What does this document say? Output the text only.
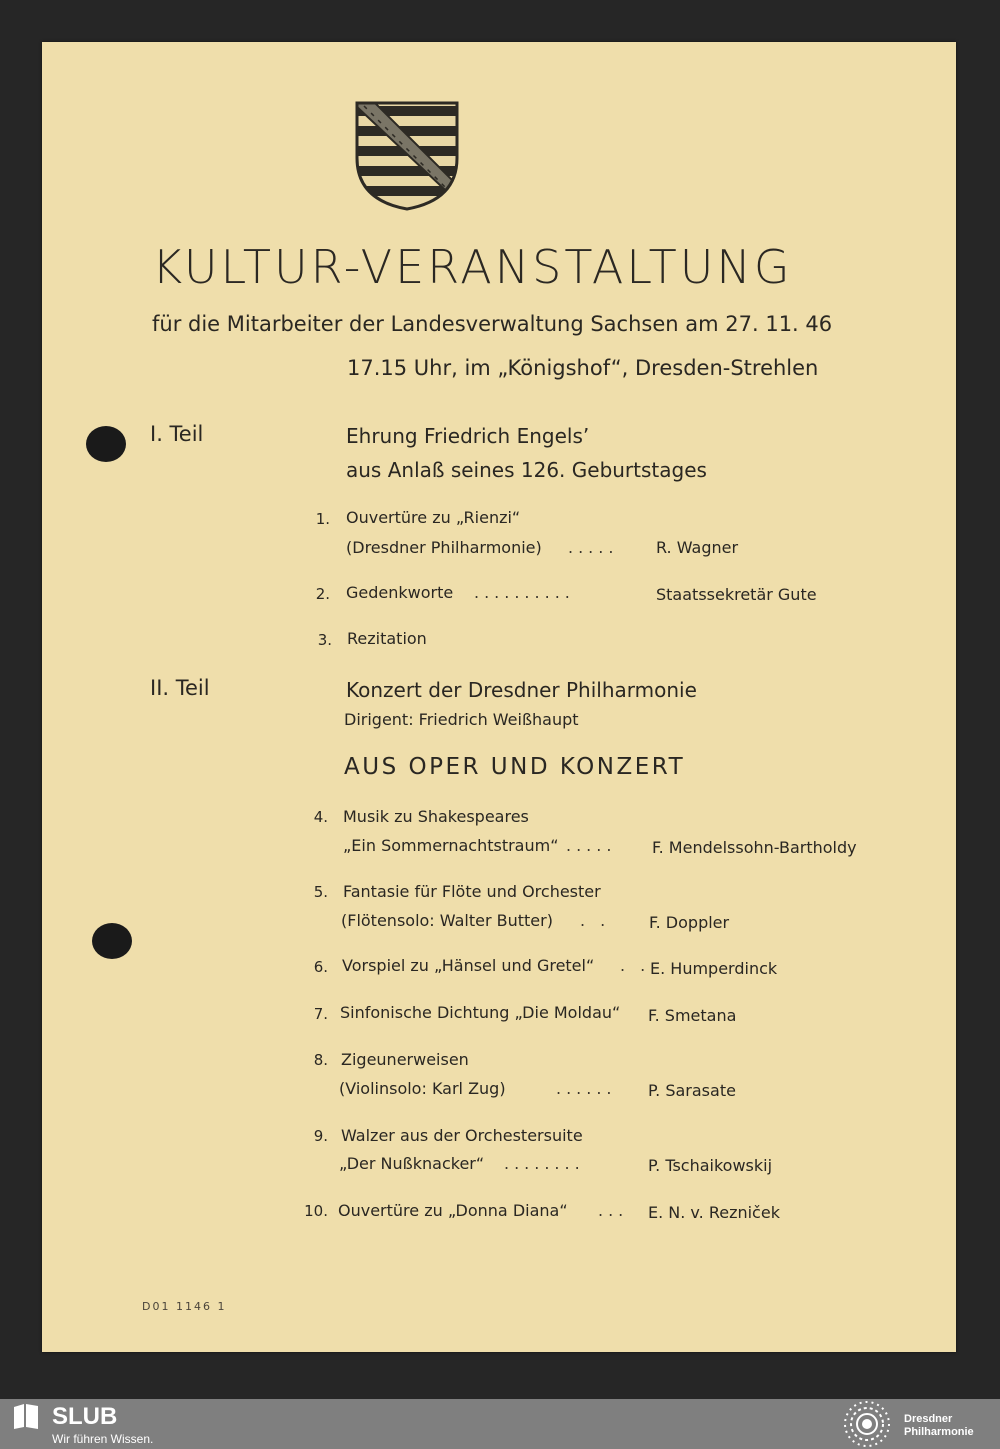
KULTUR-VERANSTALTUNG
für die Mitarbeiter der Landesverwaltung Sachsen am 27. 11. 46
17.15 Uhr, im „Königshof“, Dresden-Strehlen
I. Teil	Ehrung Friedrich Engels’
aus Anlaß seines 126. Geburtstages
1. Ouvertüre zu „Rienzi“
(Dresdner Philharmonie) ..... R. Wagner
2. Gedenkworte ..........	Staatssekretär Gute
3. Rezitation
II. Teil	Konzert der Dresdner Philharmonie
Dirigent: Friedrich Weißhaupt
AUS OPER UND KONZERT
4. Musik zu Shakespeares
„Ein Sommernachtstraum“ ..... F. Mendelssohn-Bartholdy
5. Fantasie für Flöte und Orchester
(Flötensolo: Walter Butter) . . F. Doppler
6. Vorspiel zu „Hänsel und Gretel“ . . E. Humperdinck
7. Sinfonische Dichtung „Die Moldau“ F. Smetana
8. Zigeunerweisen
(Violinsolo: Karl Zug)	...... P. Sarasate
9. Walzer aus der Orchestersuite
„Der Nußknacker“ ........	P. Tschaikowskij
10. Ouvertüre zu „Donna Diana“ ... E. N. v. Rezniček
D01 1146 1
SLUB
Wir führen Wissen.
Dresdner
Philharmonie
